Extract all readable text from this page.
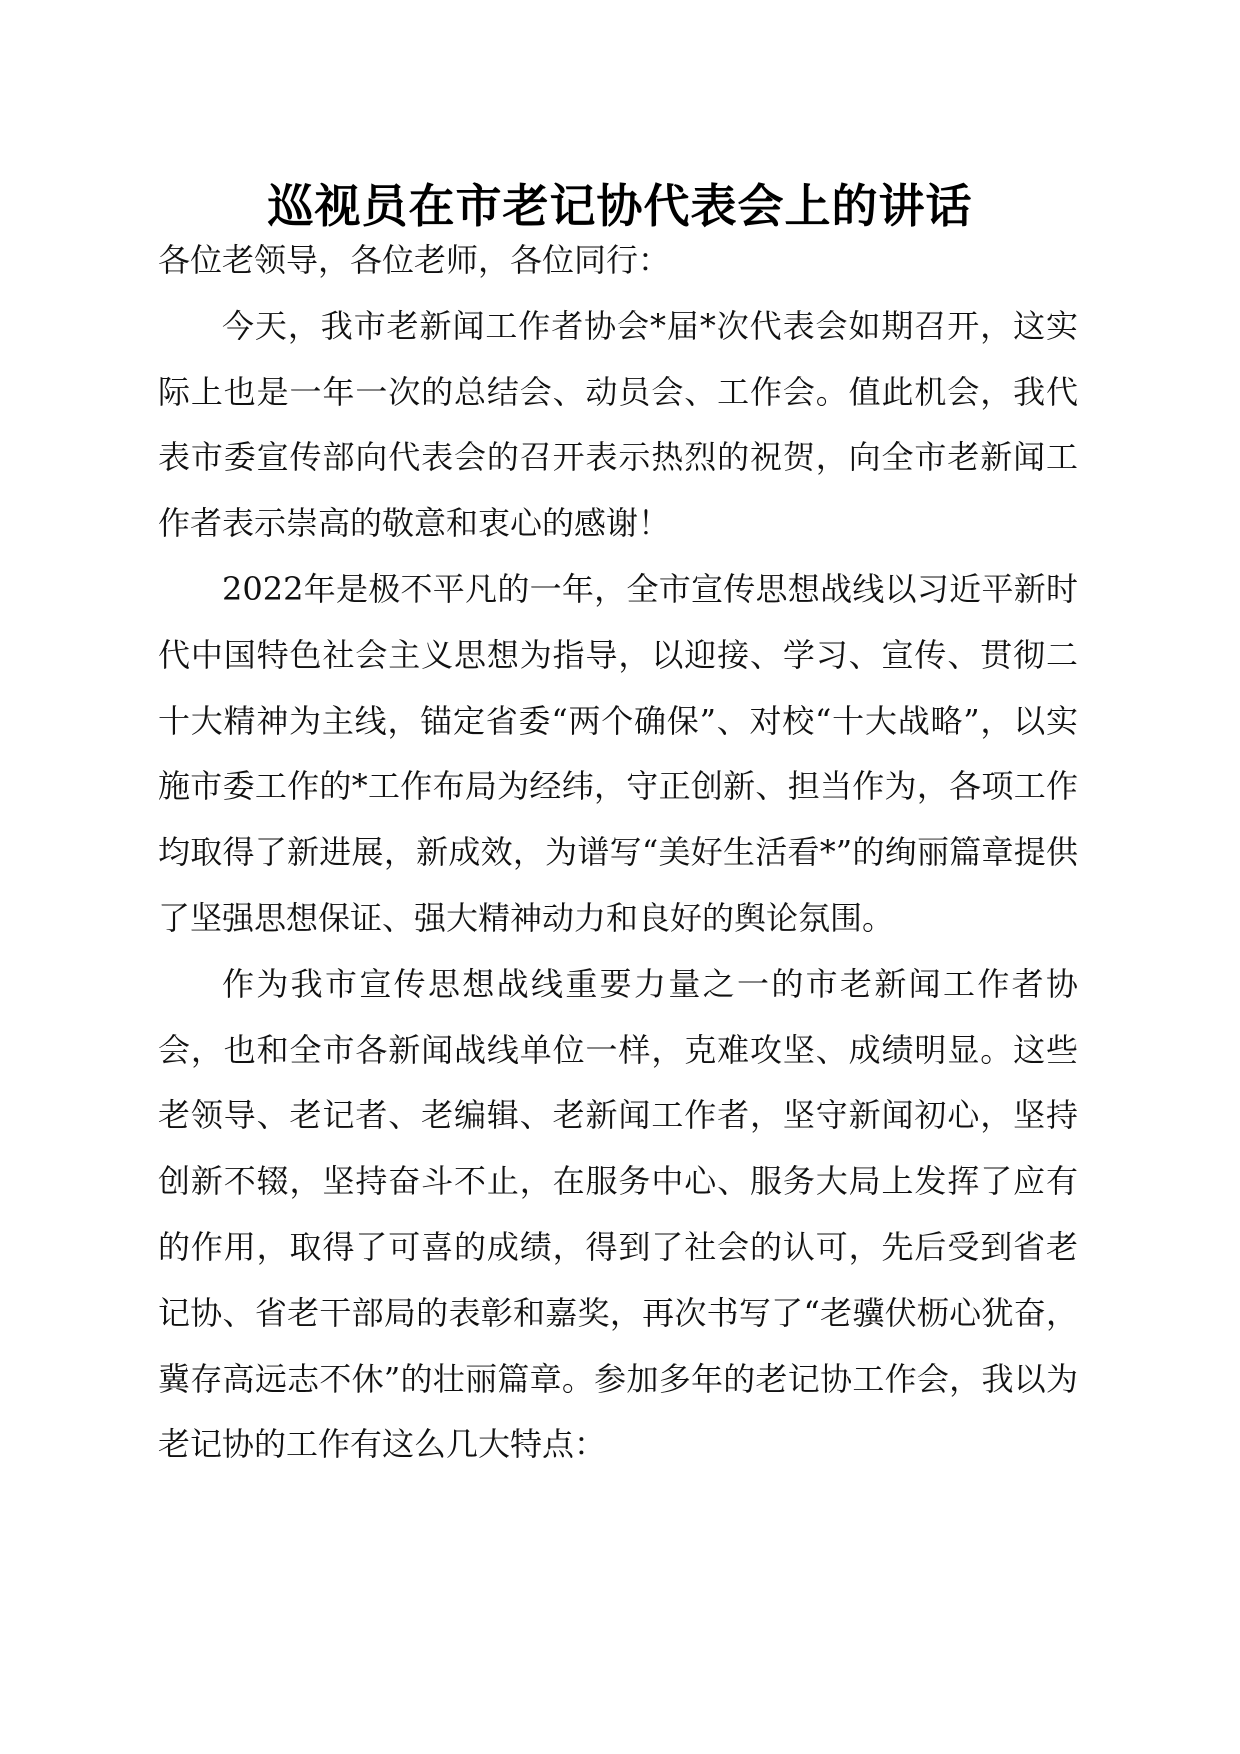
巡视员在市老记协代表会上的讲话

各位老领导，各位老师，各位同行：

今天，我市老新闻工作者协会*届*次代表会如期召开，这实际上也是一年一次的总结会、动员会、工作会。值此机会，我代表市委宣传部向代表会的召开表示热烈的祝贺，向全市老新闻工作者表示崇高的敬意和衷心的感谢！

2022年是极不平凡的一年，全市宣传思想战线以习近平新时代中国特色社会主义思想为指导，以迎接、学习、宣传、贯彻二十大精神为主线，锚定省委“两个确保”、对校“十大战略”，以实施市委工作的*工作布局为经纬，守正创新、担当作为，各项工作均取得了新进展，新成效，为谱写“美好生活看*”的绚丽篇章提供了坚强思想保证、强大精神动力和良好的舆论氛围。

作为我市宣传思想战线重要力量之一的市老新闻工作者协会，也和全市各新闻战线单位一样，克难攻坚、成绩明显。这些老领导、老记者、老编辑、老新闻工作者，坚守新闻初心，坚持创新不辍，坚持奋斗不止，在服务中心、服务大局上发挥了应有的作用，取得了可喜的成绩，得到了社会的认可，先后受到省老记协、省老干部局的表彰和嘉奖，再次书写了“老骥伏枥心犹奋，冀存高远志不休”的壮丽篇章。参加多年的老记协工作会，我以为老记协的工作有这么几大特点：
